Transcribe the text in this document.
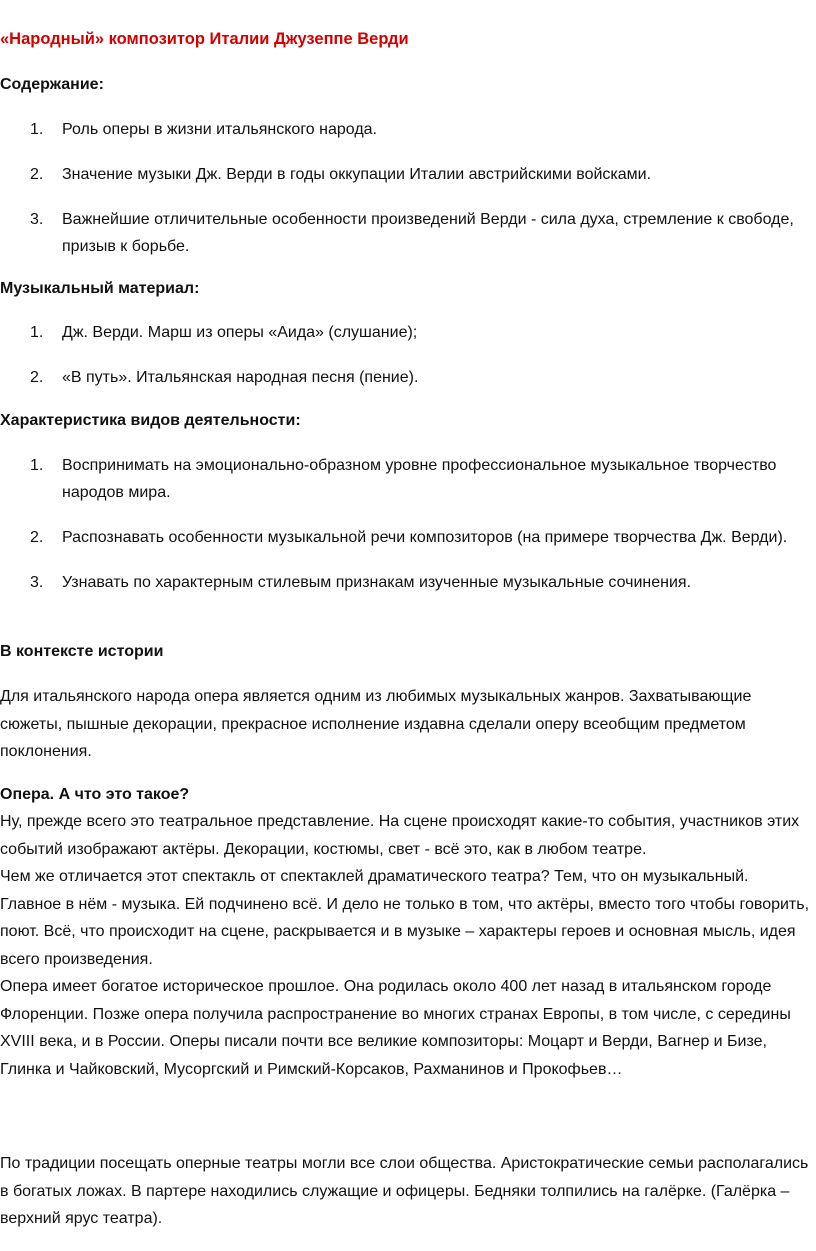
«Народный» композитор Италии Джузеппе Верди
Содержание:
1. Роль оперы в жизни итальянского народа.
2. Значение музыки Дж. Верди в годы оккупации Италии австрийскими войсками.
3. Важнейшие отличительные особенности произведений Верди - сила духа, стремление к свободе, призыв к борьбе.
Музыкальный материал:
1. Дж. Верди. Марш из оперы «Аида» (слушание);
2. «В путь». Итальянская народная песня (пение).
Характеристика видов деятельности:
1. Воспринимать на эмоционально-образном уровне профессиональное музыкальное творчество народов мира.
2. Распознавать особенности музыкальной речи композиторов (на примере творчества Дж. Верди).
3. Узнавать по характерным стилевым признакам изученные музыкальные сочинения.
В контексте истории

Для итальянского народа опера является одним из любимых музыкальных жанров. Захватывающие сюжеты, пышные декорации, прекрасное исполнение издавна сделали оперу всеобщим предметом поклонения.

Опера. А что это такое?
Ну, прежде всего это театральное представление. На сцене происходят какие-то события, участников этих событий изображают актёры. Декорации, костюмы, свет - всё это, как в любом театре.
Чем же отличается этот спектакль от спектаклей драматического театра? Тем, что он музыкальный. Главное в нём - музыка. Ей подчинено всё. И дело не только в том, что актёры, вместо того чтобы говорить, поют. Всё, что происходит на сцене, раскрывается и в музыке – характеры героев и основная мысль, идея всего произведения.
Опера имеет богатое историческое прошлое. Она родилась около 400 лет назад в итальянском городе Флоренции. Позже опера получила распространение во многих странах Европы, в том числе, с середины XVIII века, и в России. Оперы писали почти все великие композиторы: Моцарт и Верди, Вагнер и Бизе, Глинка и Чайковский, Мусоргский и Римский-Корсаков, Рахманинов и Прокофьев…

По традиции посещать оперные театры могли все слои общества. Аристократические семьи располагались в богатых ложах. В партере находились служащие и офицеры. Бедняки толпились на галёрке. (Галёрка – верхний ярус театра).
